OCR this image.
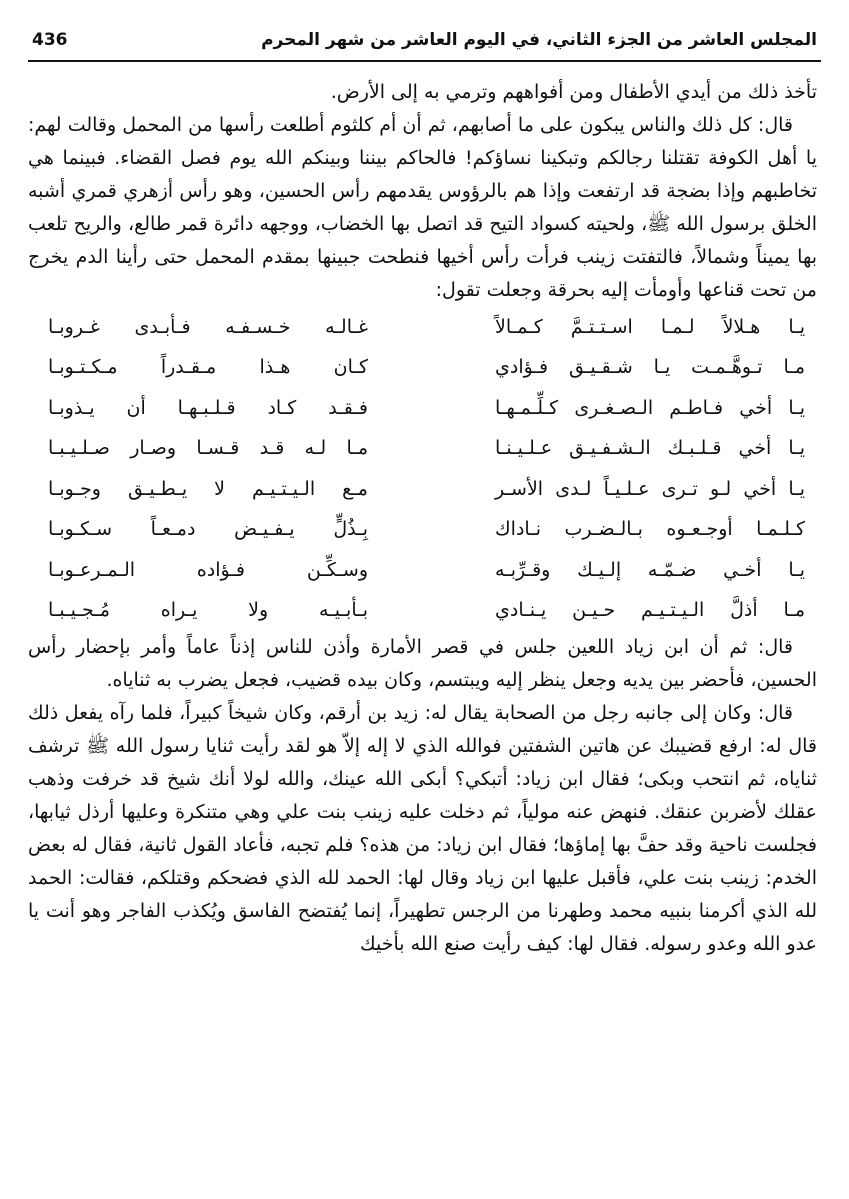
436	المجلس العاشر من الجزء الثاني، في اليوم العاشر من شهر المحرم

تأخذ ذلك من أيدي الأطفال ومن أفواههم وترمي به إلى الأرض.

قال: كل ذلك والناس يبكون على ما أصابهم، ثم أن أم كلثوم أطلعت رأسها من المحمل وقالت لهم: يا أهل الكوفة تقتلنا رجالكم وتبكينا نساؤكم! فالحاكم بيننا وبينكم الله يوم فصل القضاء. فبينما هي تخاطبهم وإذا بضجة قد ارتفعت وإذا هم بالرؤوس يقدمهم رأس الحسين، وهو رأس أزهري قمري أشبه الخلق برسول الله ﷺ، ولحيته كسواد التيح قد اتصل بها الخضاب، ووجهه دائرة قمر طالع، والريح تلعب بها يميناً وشمالاً، فالتفتت زينب فرأت رأس أخيها فنطحت جبينها بمقدم المحمل حتى رأينا الدم يخرج من تحت قناعها وأومأت إليه بحرقة وجعلت تقول:

يـا هـلالاً لـمـا اسـتـتـمَّ كـمـالاً
غـالـه خـسـفـه فـأبـدى غـروبـا
مـا تـوهَّـمـت يـا شـقـيـق فـؤادي
كـان هـذا مـقـدراً مـكـتـوبـا
يـا أخي فـاطـم الـصـغـرى كـلِّـمـهـا
فـقـد كـاد قـلـبـهـا أن يـذوبـا
يـا أخي قـلـبـك الـشـفـيـق عـلـيـنـا
مـا لـه قـد قـسـا وصـار صـلـيـبـا
يـا أخي لـو تـرى عـلـيـاً لـدى الأسـر
مـع الـيـتـيـم لا يـطـيـق وجـوبـا
كـلـمـا أوجـعـوه بـالـضـرب نـاداك
بِـذُلٍّ يـفـيـض دمـعـاً سـكـوبـا
يـا أخـي ضـمّـه إلـيـك وقـرِّبـه
وسـكِّـن فـؤاده الـمـرعـوبـا
مـا أذلَّ الـيـتـيـم حـيـن يـنـادي
بـأبـيـه ولا يـراه مُـجـيـبـا

قال: ثم أن ابن زياد اللعين جلس في قصر الأمارة وأذن للناس إذناً عاماً وأمر بإحضار رأس الحسين، فأحضر بين يديه وجعل ينظر إليه ويبتسم، وكان بيده قضيب، فجعل يضرب به ثناياه.

قال: وكان إلى جانبه رجل من الصحابة يقال له: زيد بن أرقم، وكان شيخاً كبيراً، فلما رآه يفعل ذلك قال له: ارفع قضيبك عن هاتين الشفتين فوالله الذي لا إله إلاّ هو لقد رأيت ثنايا رسول الله ﷺ ترشف ثناياه، ثم انتحب وبكى؛ فقال ابن زياد: أتبكي؟ أبكى الله عينك، والله لولا أنك شيخ قد خرفت وذهب عقلك لأضربن عنقك. فنهض عنه مولياً، ثم دخلت عليه زينب بنت علي وهي متنكرة وعليها أرذل ثيابها، فجلست ناحية وقد حفَّ بها إماؤها؛ فقال ابن زياد: من هذه؟ فلم تجبه، فأعاد القول ثانية، فقال له بعض الخدم: زينب بنت علي، فأقبل عليها ابن زياد وقال لها: الحمد لله الذي فضحكم وقتلكم، فقالت: الحمد لله الذي أكرمنا بنبيه محمد وطهرنا من الرجس تطهيراً، إنما يُفتضح الفاسق ويُكذب الفاجر وهو أنت يا عدو الله وعدو رسوله. فقال لها: كيف رأيت صنع الله بأخيك
